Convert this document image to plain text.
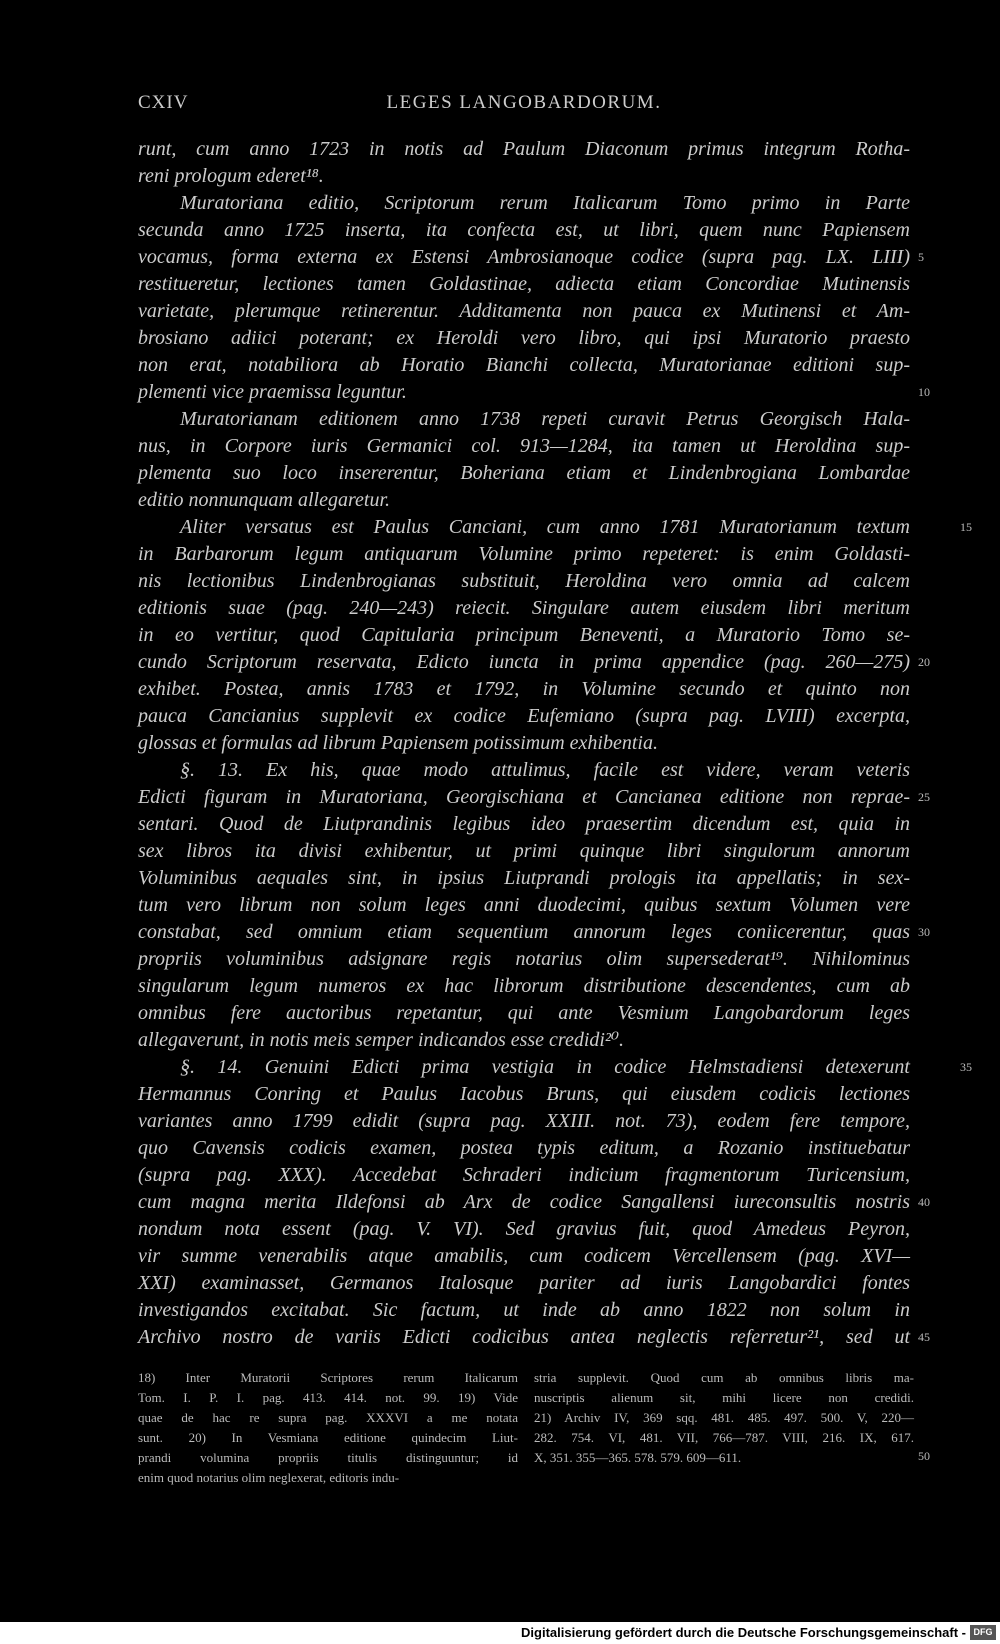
CXIV	LEGES LANGOBARDORUM.
runt, cum anno 1723 in notis ad Paulum Diaconum primus integrum Rotha-
reni prologum ederet¹⁸.
Muratoriana editio, Scriptorum rerum Italicarum Tomo primo in Parte
secunda anno 1725 inserta, ita confecta est, ut libri, quem nunc Papiensem
vocamus, forma externa ex Estensi Ambrosianoque codice (supra pag. LX. LIII) 5
restitueretur, lectiones tamen Goldastinae, adiecta etiam Concordiae Mutinensis
varietate, plerumque retinerentur. Additamenta non pauca ex Mutinensi et Am-
brosiano adiici poterant; ex Heroldi vero libro, qui ipsi Muratorio praesto
non erat, notabiliora ab Horatio Bianchi collecta, Muratorianae editioni sup-
plementi vice praemissa leguntur.	10
Muratorianam editionem anno 1738 repeti curavit Petrus Georgisch Hala-
nus, in Corpore iuris Germanici col. 913—1284, ita tamen ut Heroldina sup-
plementa suo loco insererentur, Boheriana etiam et Lindenbrogiana Lombardae
editio nonnunquam allegaretur.
Aliter versatus est Paulus Canciani, cum anno 1781 Muratorianum textum	15
in Barbarorum legum antiquarum Volumine primo repeteret: is enim Goldasti-
nis lectionibus Lindenbrogianas substituit, Heroldina vero omnia ad calcem
editionis suae (pag. 240—243) reiecit. Singulare autem eiusdem libri meritum
in eo vertitur, quod Capitularia principum Beneventi, a Muratorio Tomo se-
cundo Scriptorum reservata, Edicto iuncta in prima appendice (pag. 260—275) 20
exhibet. Postea, annis 1783 et 1792, in Volumine secundo et quinto non
pauca Cancianius supplevit ex codice Eufemiano (supra pag. LVIII) excerpta,
glossas et formulas ad librum Papiensem potissimum exhibentia.
§. 13. Ex his, quae modo attulimus, facile est videre, veram veteris
Edicti figuram in Muratoriana, Georgischiana et Cancianea editione non reprae- 25
sentari. Quod de Liutprandinis legibus ideo praesertim dicendum est, quia in
sex libros ita divisi exhibentur, ut primi quinque libri singulorum annorum
Voluminibus aequales sint, in ipsius Liutprandi prologis ita appellatis; in sex-
tum vero librum non solum leges anni duodecimi, quibus sextum Volumen vere
constabat, sed omnium etiam sequentium annorum leges coniicerentur, quas 30
propriis voluminibus adsignare regis notarius olim supersederat¹⁹. Nihilominus
singularum legum numeros ex hac librorum distributione descendentes, cum ab
omnibus fere auctoribus repetantur, qui ante Vesmium Langobardorum leges
allegaverunt, in notis meis semper indicandos esse credidi²⁰.
§. 14. Genuini Edicti prima vestigia in codice Helmstadiensi detexerunt	35
Hermannus Conring et Paulus Iacobus Bruns, qui eiusdem codicis lectiones
variantes anno 1799 edidit (supra pag. XXIII. not. 73), eodem fere tempore,
quo Cavensis codicis examen, postea typis editum, a Rozanio instituebatur
(supra pag. XXX). Accedebat Schraderi indicium fragmentorum Turicensium,
cum magna merita Ildefonsi ab Arx de codice Sangallensi iureconsultis nostris 40
nondum nota essent (pag. V. VI). Sed gravius fuit, quod Amedeus Peyron,
vir summe venerabilis atque amabilis, cum codicem Vercellensem (pag. XVI—
XXI) examinasset, Germanos Italosque pariter ad iuris Langobardici fontes
investigandos excitabat. Sic factum, ut inde ab anno 1822 non solum in
Archivo nostro de variis Edicti codicibus antea neglectis referretur²¹, sed ut 45
18) Inter Muratorii Scriptores rerum Italicarum
Tom. I. P. I. pag. 413. 414. not. 99. 19) Vide
quae de hac re supra pag. XXXVI a me notata
sunt. 20) In Vesmiana editione quindecim Liut-
prandi volumina propriis titulis distinguuntur; id
enim quod notarius olim neglexerat, editoris indu-
stria supplevit. Quod cum ab omnibus libris ma-
nuscriptis alienum sit, mihi licere non credidi.
21) Archiv IV, 369 sqq. 481. 485. 497. 500. V, 220—
282. 754. VI, 481. VII, 766—787. VIII, 216. IX, 617.
X, 351. 355—365. 578. 579. 609—611.	50
Digitalisierung gefördert durch die Deutsche Forschungsgemeinschaft - DFG
